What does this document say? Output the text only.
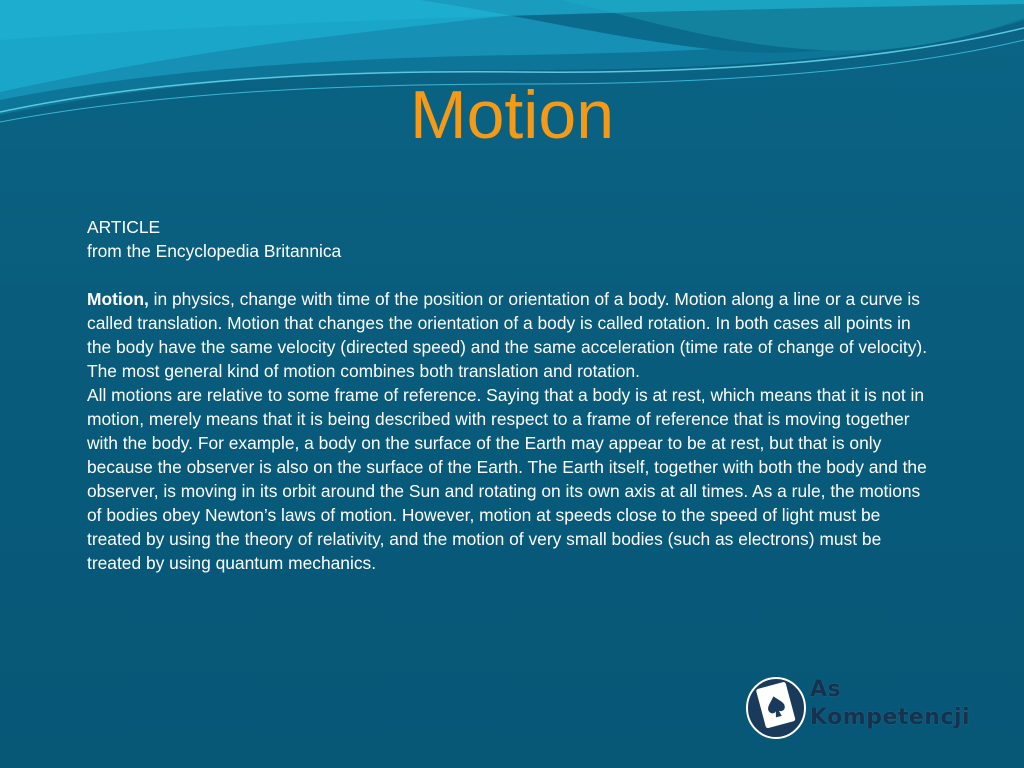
Motion

ARTICLE

from the Encyclopedia Britannica

Motion, in physics, change with time of the position or orientation of a body. Motion along a line or a curve is called translation. Motion that changes the orientation of a body is called rotation. In both cases all points in the body have the same velocity (directed speed) and the same acceleration (time rate of change of velocity). The most general kind of motion combines both translation and rotation.

All motions are relative to some frame of reference. Saying that a body is at rest, which means that it is not in motion, merely means that it is being described with respect to a frame of reference that is moving together with the body. For example, a body on the surface of the Earth may appear to be at rest, but that is only because the observer is also on the surface of the Earth. The Earth itself, together with both the body and the observer, is moving in its orbit around the Sun and rotating on its own axis at all times. As a rule, the motions of bodies obey Newton’s laws of motion. However, motion at speeds close to the speed of light must be treated by using the theory of relativity, and the motion of very small bodies (such as electrons) must be treated by using quantum mechanics.

As
Kompetencji
